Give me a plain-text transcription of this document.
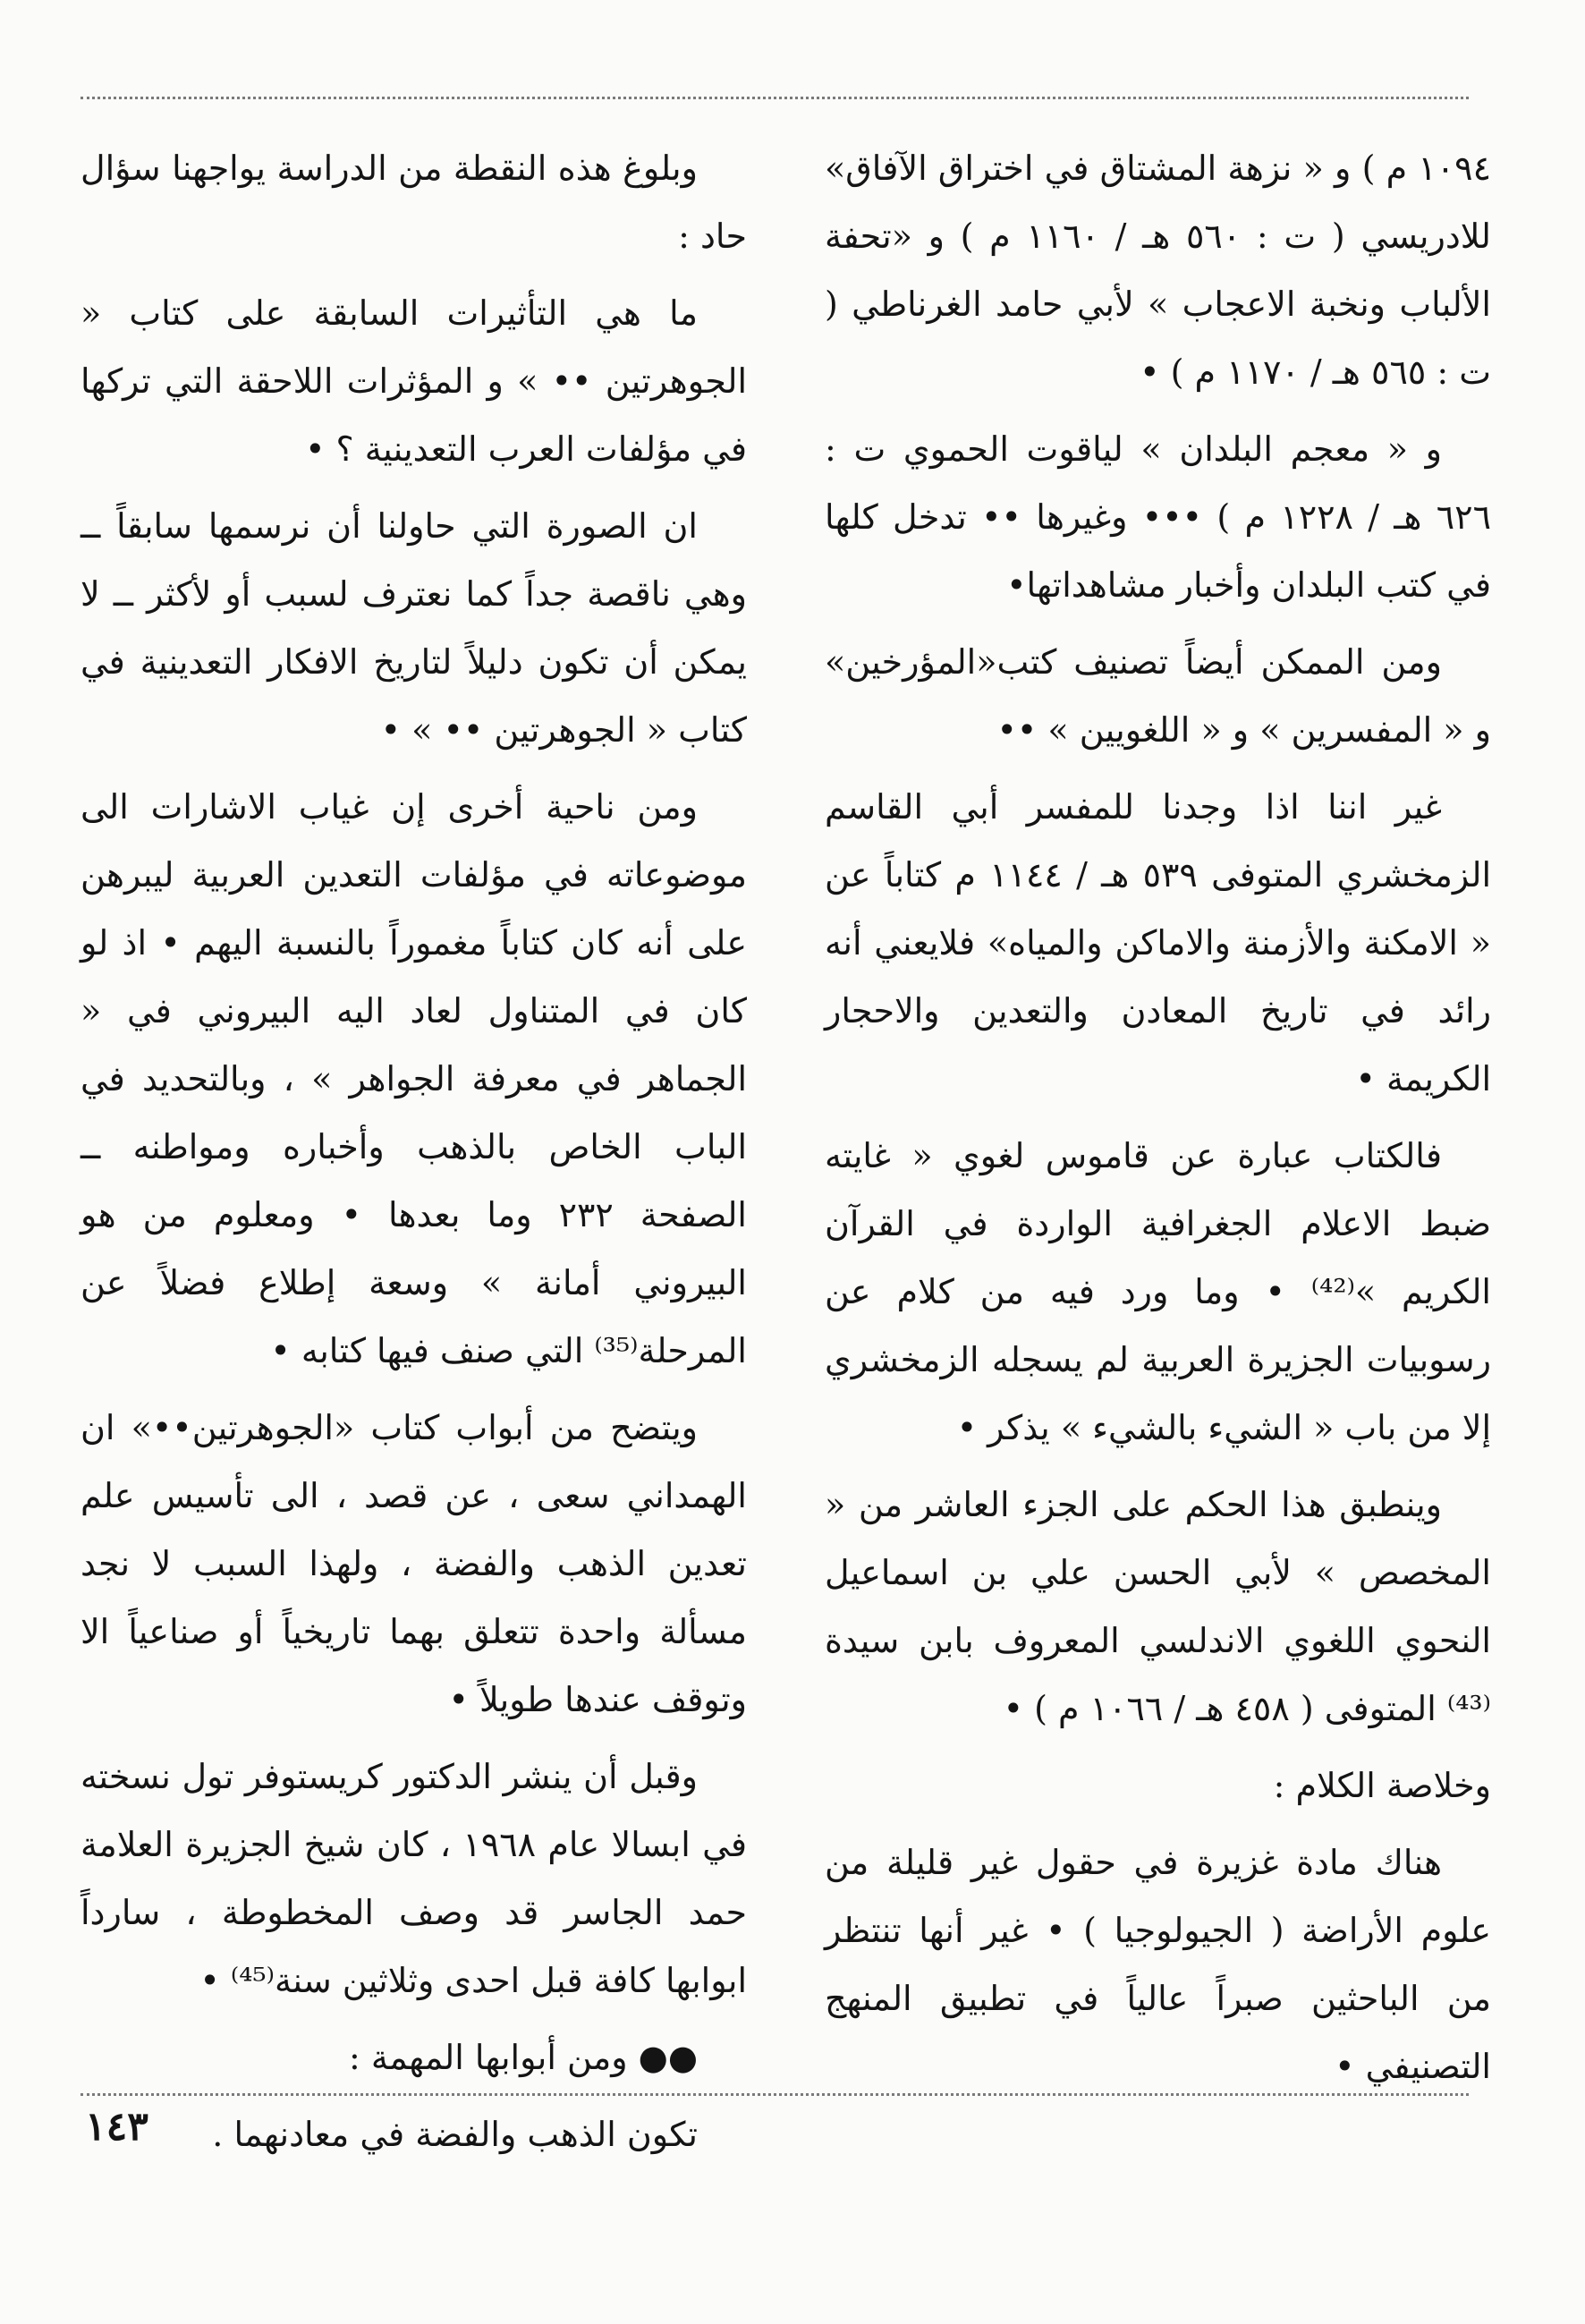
١٠٩٤ م ) و « نزهة المشتاق في اختراق الآفاق» للادريسي ( ت : ٥٦٠ هـ / ١١٦٠ م ) و «تحفة الألباب ونخبة الاعجاب » لأبي حامد الغرناطي ( ت : ٥٦٥ هـ / ١١٧٠ م ) •

و « معجم البلدان » لياقوت الحموي ت : ٦٢٦ هـ / ١٢٢٨ م ) ••• وغيرها •• تدخل كلها في كتب البلدان وأخبار مشاهداتها•

ومن الممكن أيضاً تصنيف كتب«المؤرخين» و « المفسرين » و « اللغويين » ••

غير اننا اذا وجدنا للمفسر أبي القاسم الزمخشري المتوفى ٥٣٩ هـ / ١١٤٤ م كتاباً عن « الامكنة والأزمنة والاماكن والمياه» فلايعني أنه رائد في تاريخ المعادن والتعدين والاحجار الكريمة •

فالكتاب عبارة عن قاموس لغوي « غايته ضبط الاعلام الجغرافية الواردة في القرآن الكريم »⁽⁴²⁾ • وما ورد فيه من كلام عن رسوبيات الجزيرة العربية لم يسجله الزمخشري إلا من باب « الشيء بالشيء » يذكر •

وينطبق هذا الحكم على الجزء العاشر من « المخصص » لأبي الحسن علي بن اسماعيل النحوي اللغوي الاندلسي المعروف بابن سيدة ⁽⁴³⁾ المتوفى ( ٤٥٨ هـ / ١٠٦٦ م ) •

وخلاصة الكلام :

هناك مادة غزيرة في حقول غير قليلة من علوم الأراضة ( الجيولوجيا ) • غير أنها تنتظر من الباحثين صبراً عالياً في تطبيق المنهج التصنيفي •

وبلوغ هذه النقطة من الدراسة يواجهنا سؤال حاد :

ما هي التأثيرات السابقة على كتاب « الجوهرتين •• » و المؤثرات اللاحقة التي تركها في مؤلفات العرب التعدينية ؟ •

ان الصورة التي حاولنا أن نرسمها سابقاً ــ وهي ناقصة جداً كما نعترف لسبب أو لأكثر ــ لا يمكن أن تكون دليلاً لتاريخ الافكار التعدينية في كتاب « الجوهرتين •• » •

ومن ناحية أخرى إن غياب الاشارات الى موضوعاته في مؤلفات التعدين العربية ليبرهن على أنه كان كتاباً مغموراً بالنسبة اليهم • اذ لو كان في المتناول لعاد اليه البيروني في « الجماهر في معرفة الجواهر » ، وبالتحديد في الباب الخاص بالذهب وأخباره ومواطنه ــ الصفحة ٢٣٢ وما بعدها • ومعلوم من هو البيروني أمانة » وسعة إطلاع فضلاً عن المرحلة⁽³⁵⁾ التي صنف فيها كتابه •

ويتضح من أبواب كتاب «الجوهرتين••» ان الهمداني سعى ، عن قصد ، الى تأسيس علم تعدين الذهب والفضة ، ولهذا السبب لا نجد مسألة واحدة تتعلق بهما تاريخياً أو صناعياً الا وتوقف عندها طويلاً •

وقبل أن ينشر الدكتور كريستوفر تول نسخته في ابسالا عام ١٩٦٨ ، كان شيخ الجزيرة العلامة حمد الجاسر قد وصف المخطوطة ، سارداً ابوابها كافة قبل احدى وثلاثين سنة⁽⁴⁵⁾ •

●● ومن أبوابها المهمة :

تكون الذهب والفضة في معادنهما .

١٤٣
